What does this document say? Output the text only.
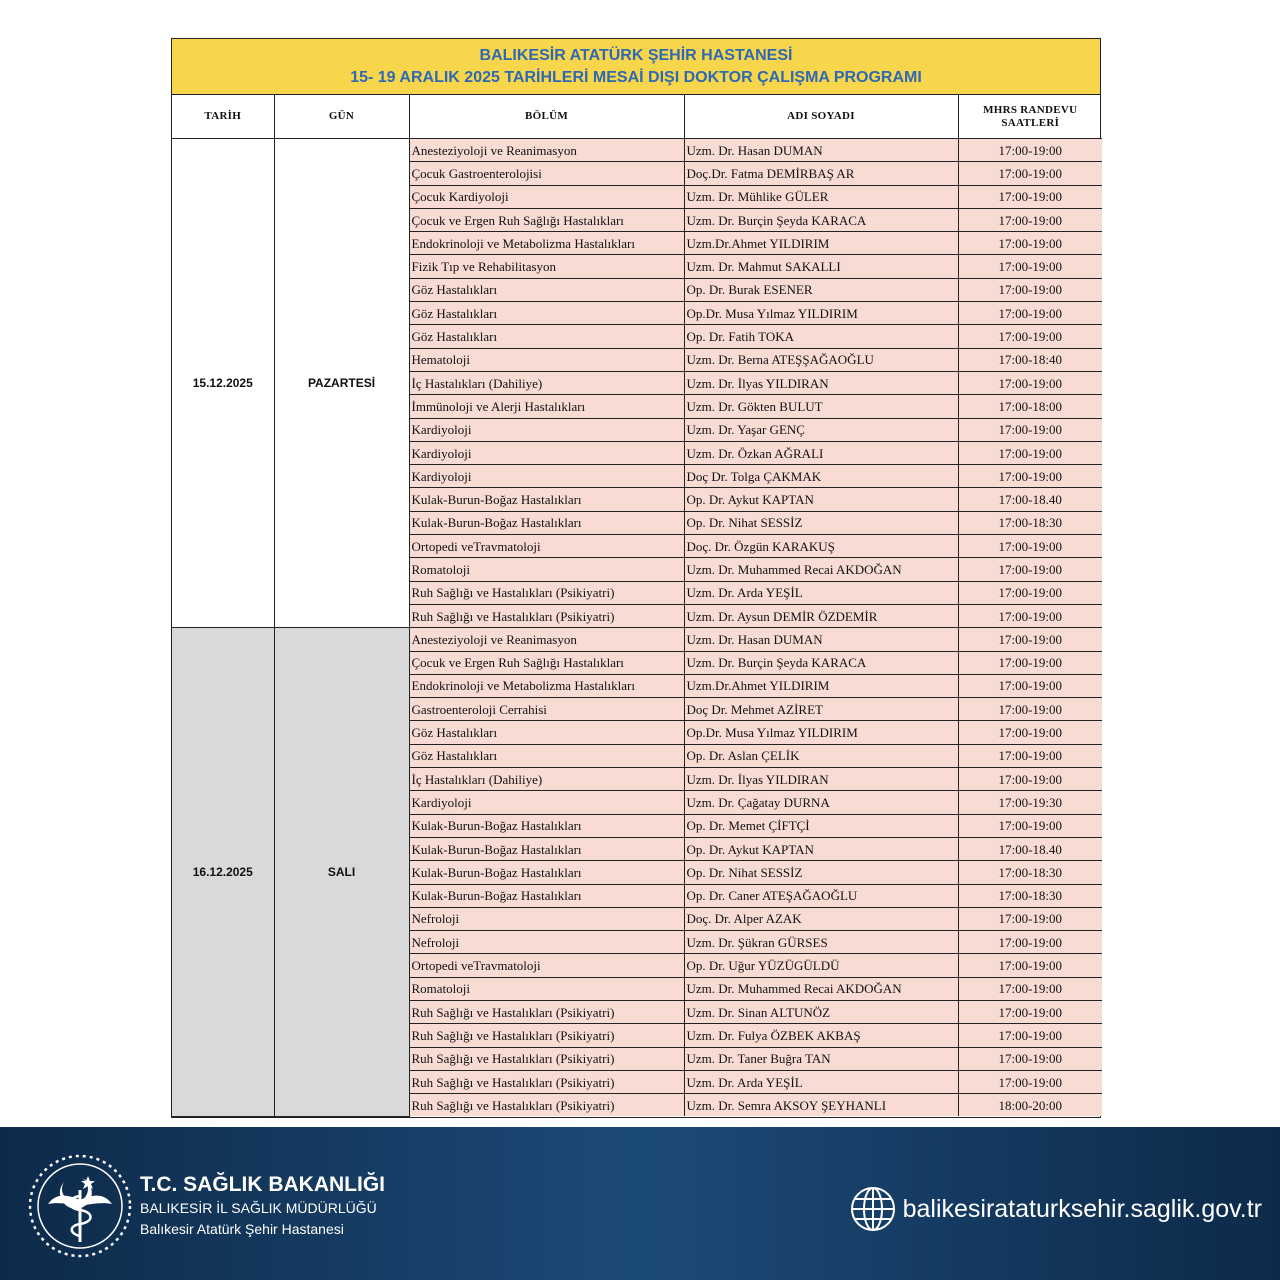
BALIKESİR ATATÜRK ŞEHİR HASTANESİ
15- 19 ARALIK 2025 TARİHLERİ MESAİ DIŞI DOKTOR ÇALIŞMA PROGRAMI
TARİH	GÜN	BÖLÜM	ADI SOYADI	MHRS RANDEVU SAATLERİ
15.12.2025	PAZARTESİ	Anesteziyoloji ve Reanimasyon	Uzm. Dr. Hasan DUMAN	17:00-19:00
		Çocuk Gastroenterolojisi	Doç.Dr. Fatma DEMİRBAŞ AR	17:00-19:00
		Çocuk Kardiyoloji	Uzm. Dr. Mühlike GÜLER	17:00-19:00
		Çocuk ve Ergen Ruh Sağlığı Hastalıkları	Uzm. Dr. Burçin Şeyda KARACA	17:00-19:00
		Endokrinoloji ve Metabolizma Hastalıkları	Uzm.Dr.Ahmet YILDIRIM	17:00-19:00
		Fizik Tıp ve Rehabilitasyon	Uzm. Dr. Mahmut SAKALLI	17:00-19:00
		Göz Hastalıkları	Op. Dr. Burak ESENER	17:00-19:00
		Göz Hastalıkları	Op.Dr. Musa Yılmaz YILDIRIM	17:00-19:00
		Göz Hastalıkları	Op. Dr. Fatih TOKA	17:00-19:00
		Hematoloji	Uzm. Dr. Berna ATEŞŞAĞAOĞLU	17:00-18:40
		İç Hastalıkları (Dahiliye)	Uzm. Dr. İlyas YILDIRAN	17:00-19:00
		İmmünoloji ve Alerji Hastalıkları	Uzm. Dr. Gökten BULUT	17:00-18:00
		Kardiyoloji	Uzm. Dr. Yaşar GENÇ	17:00-19:00
		Kardiyoloji	Uzm. Dr. Özkan AĞRALI	17:00-19:00
		Kardiyoloji	Doç Dr. Tolga ÇAKMAK	17:00-19:00
		Kulak-Burun-Boğaz Hastalıkları	Op. Dr. Aykut KAPTAN	17:00-18.40
		Kulak-Burun-Boğaz Hastalıkları	Op. Dr. Nihat SESSİZ	17:00-18:30
		Ortopedi veTravmatoloji	Doç. Dr. Özgün KARAKUŞ	17:00-19:00
		Romatoloji	Uzm. Dr. Muhammed Recai AKDOĞAN	17:00-19:00
		Ruh Sağlığı ve Hastalıkları (Psikiyatri)	Uzm. Dr. Arda YEŞİL	17:00-19:00
		Ruh Sağlığı ve Hastalıkları (Psikiyatri)	Uzm. Dr. Aysun DEMİR ÖZDEMİR	17:00-19:00
16.12.2025	SALI	Anesteziyoloji ve Reanimasyon	Uzm. Dr. Hasan DUMAN	17:00-19:00
		Çocuk ve Ergen Ruh Sağlığı Hastalıkları	Uzm. Dr. Burçin Şeyda KARACA	17:00-19:00
		Endokrinoloji ve Metabolizma Hastalıkları	Uzm.Dr.Ahmet YILDIRIM	17:00-19:00
		Gastroenteroloji Cerrahisi	Doç Dr. Mehmet AZİRET	17:00-19:00
		Göz Hastalıkları	Op.Dr. Musa Yılmaz YILDIRIM	17:00-19:00
		Göz Hastalıkları	Op. Dr. Aslan ÇELİK	17:00-19:00
		İç Hastalıkları (Dahiliye)	Uzm. Dr. İlyas YILDIRAN	17:00-19:00
		Kardiyoloji	Uzm. Dr. Çağatay DURNA	17:00-19:30
		Kulak-Burun-Boğaz Hastalıkları	Op. Dr. Memet ÇİFTÇİ	17:00-19:00
		Kulak-Burun-Boğaz Hastalıkları	Op. Dr. Aykut KAPTAN	17:00-18.40
		Kulak-Burun-Boğaz Hastalıkları	Op. Dr. Nihat SESSİZ	17:00-18:30
		Kulak-Burun-Boğaz Hastalıkları	Op. Dr. Caner ATEŞAĞAOĞLU	17:00-18:30
		Nefroloji	Doç. Dr. Alper AZAK	17:00-19:00
		Nefroloji	Uzm. Dr. Şükran GÜRSES	17:00-19:00
		Ortopedi veTravmatoloji	Op. Dr. Uğur YÜZÜGÜLDÜ	17:00-19:00
		Romatoloji	Uzm. Dr. Muhammed Recai AKDOĞAN	17:00-19:00
		Ruh Sağlığı ve Hastalıkları (Psikiyatri)	Uzm. Dr. Sinan ALTUNÖZ	17:00-19:00
		Ruh Sağlığı ve Hastalıkları (Psikiyatri)	Uzm. Dr. Fulya ÖZBEK AKBAŞ	17:00-19:00
		Ruh Sağlığı ve Hastalıkları (Psikiyatri)	Uzm. Dr. Taner Buğra TAN	17:00-19:00
		Ruh Sağlığı ve Hastalıkları (Psikiyatri)	Uzm. Dr. Arda YEŞİL	17:00-19:00
		Ruh Sağlığı ve Hastalıkları (Psikiyatri)	Uzm. Dr. Semra AKSOY ŞEYHANLI	18:00-20:00
T.C. SAĞLIK BAKANLIĞI
BALIKESİR İL SAĞLIK MÜDÜRLÜĞÜ
Balıkesir Atatürk Şehir Hastanesi
balikesirataturksehir.saglik.gov.tr
